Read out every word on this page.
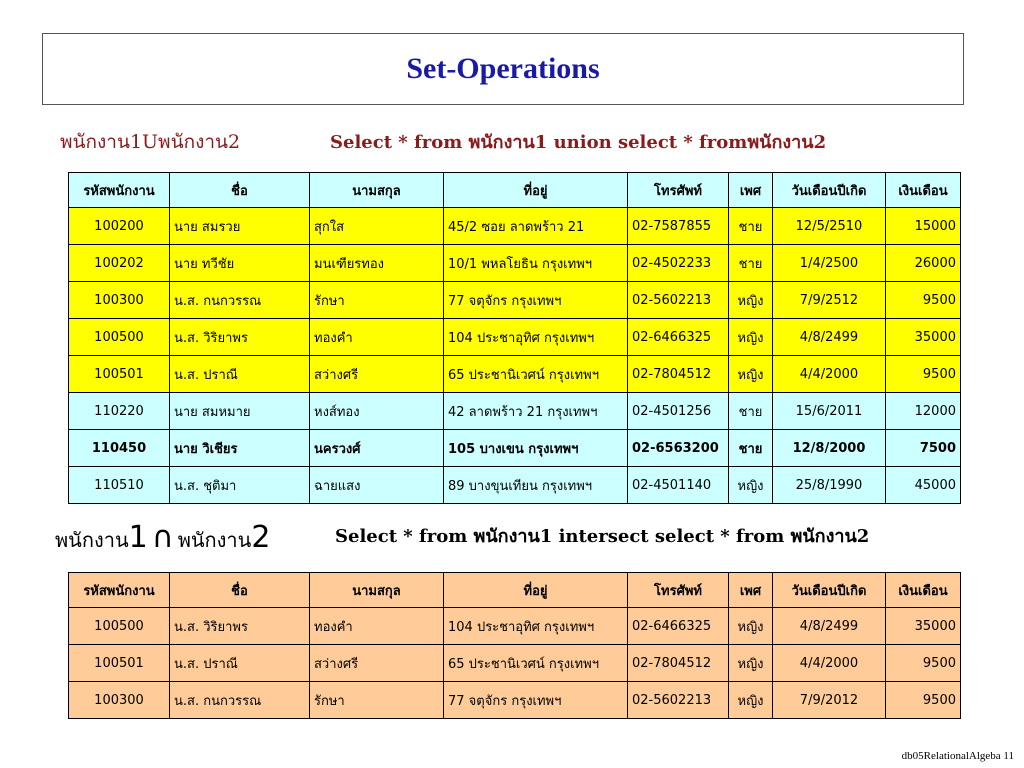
Set-Operations
พนักงาน1Uพนักงาน2	Select * from พนักงาน1 union select * fromพนักงาน2
รหัสพนักงาน	ชื่อ	นามสกุล	ที่อยู่	โทรศัพท์	เพศ	วันเดือนปีเกิด	เงินเดือน
100200	นาย สมรวย	สุกใส	45/2 ซอย ลาดพร้าว 21	02-7587855	ชาย	12/5/2510	15000
100202	นาย ทวีชัย	มนเฑียรทอง	10/1 พหลโยธิน กรุงเทพฯ	02-4502233	ชาย	1/4/2500	26000
100300	น.ส. กนกวรรณ	รักษา	77 จตุจักร กรุงเทพฯ	02-5602213	หญิง	7/9/2512	9500
100500	น.ส. วิริยาพร	ทองคำ	104 ประชาอุทิศ กรุงเทพฯ	02-6466325	หญิง	4/8/2499	35000
100501	น.ส. ปราณี	สว่างศรี	65 ประชานิเวศน์ กรุงเทพฯ	02-7804512	หญิง	4/4/2000	9500
110220	นาย สมหมาย	หงส์ทอง	42 ลาดพร้าว 21 กรุงเทพฯ	02-4501256	ชาย	15/6/2011	12000
110450	นาย วิเชียร	นครวงศ์	105 บางเขน กรุงเทพฯ	02-6563200	ชาย	12/8/2000	7500
110510	น.ส. ชุติมา	ฉายแสง	89 บางขุนเทียน กรุงเทพฯ	02-4501140	หญิง	25/8/1990	45000
พนักงาน1 ∩ พนักงาน2	Select * from พนักงาน1 intersect select * from พนักงาน2
รหัสพนักงาน	ชื่อ	นามสกุล	ที่อยู่	โทรศัพท์	เพศ	วันเดือนปีเกิด	เงินเดือน
100500	น.ส. วิริยาพร	ทองคำ	104 ประชาอุทิศ กรุงเทพฯ	02-6466325	หญิง	4/8/2499	35000
100501	น.ส. ปราณี	สว่างศรี	65 ประชานิเวศน์ กรุงเทพฯ	02-7804512	หญิง	4/4/2000	9500
100300	น.ส. กนกวรรณ	รักษา	77 จตุจักร กรุงเทพฯ	02-5602213	หญิง	7/9/2012	9500
db05RelationalAlgeba 11
